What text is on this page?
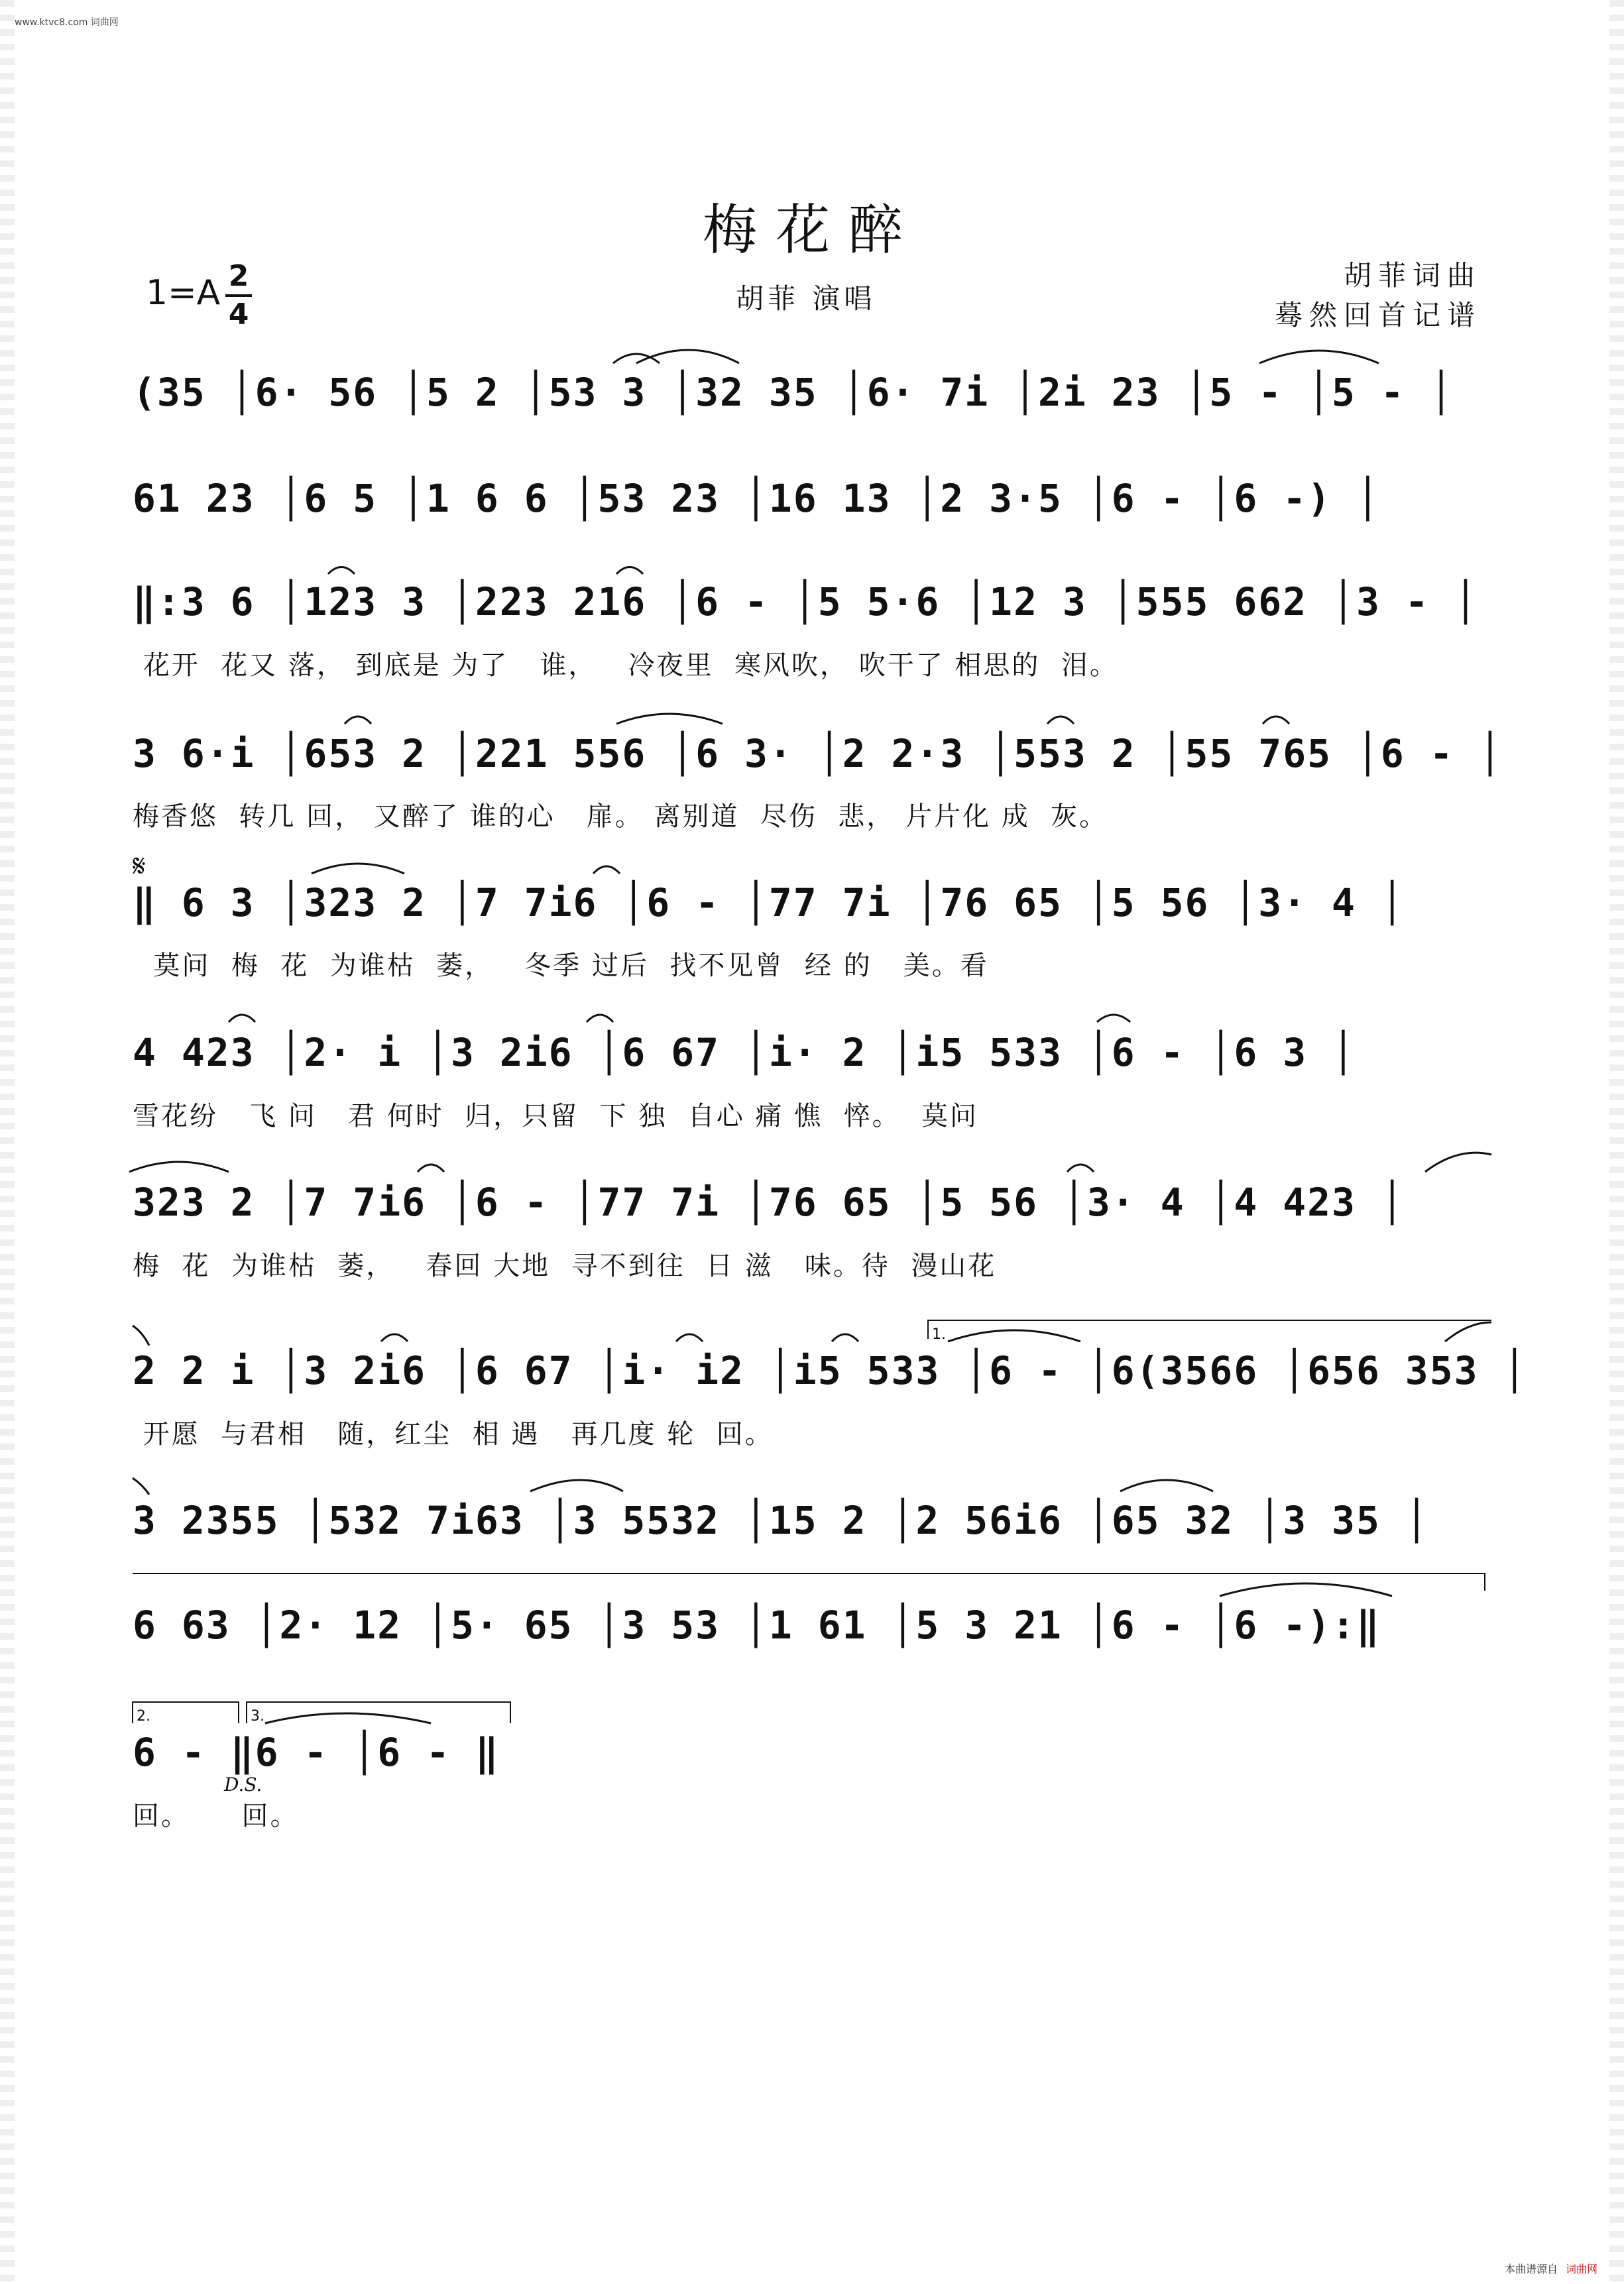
www.ktvc8.com 词曲网
梅花醉
1=A 2
4	胡菲 演唱
胡菲词曲
蓦然回首记谱
(35 │6· 56 │5 2 │53 3 │32 35 │6· 7i │2i 23 │5 - │5 - │
61 23 │6 5 │1 6 6 │53 23 │16 13 │2 3·5 │6 - │6 -) │
‖:3 6 │123 3 │223 216 │6 - │5 5·6 │12 3 │555 662 │3 - │
花开  花又 落， 到底是 为了   谁，   冷夜里  寒风吹， 吹干了 相思的  泪。
3 6·i │653 2 │221 556 │6 3· │2 2·3 │553 2 │55 765 │6 - │
梅香悠  转几 回， 又醉了 谁的心   扉。 离别道  尽伤  悲， 片片化 成  灰。
‖ 6 3 │323 2 │7 7i6 │6 - │77 7i │76 65 │5 56 │3· 4 │
莫问  梅  花  为谁枯  萎，   冬季 过后  找不见曾  经 的   美。看
4 423 │2· i │3 2i6 │6 67 │i· 2 │i5 533 │6 - │6 3 │
雪花纷   飞 问   君 何时  归，只留  下 独  自心 痛 憔  悴。  莫问
323 2 │7 7i6 │6 - │77 7i │76 65 │5 56 │3· 4 │4 423 │
梅  花  为谁枯  萎，   春回 大地  寻不到往  日 滋   味。待  漫山花
2 2 i │3 2i6 │6 67 │i· i2 │i5 533 │6 - │6(3566 │656 353 │
开愿  与君相   随，红尘  相 遇   再几度 轮  回。
3 2355 │532 7i63 │3 5532 │15 2 │2 56i6 │65 32 │3 35 │
6 63 │2· 12 │5· 65 │3 53 │1 61 │5 3 21 │6 - │6 -):‖
6 - ‖6 - │6 - ‖
回。     回。
D.S.
1.
2.	3.
𝄋
本曲谱源自 词曲网
